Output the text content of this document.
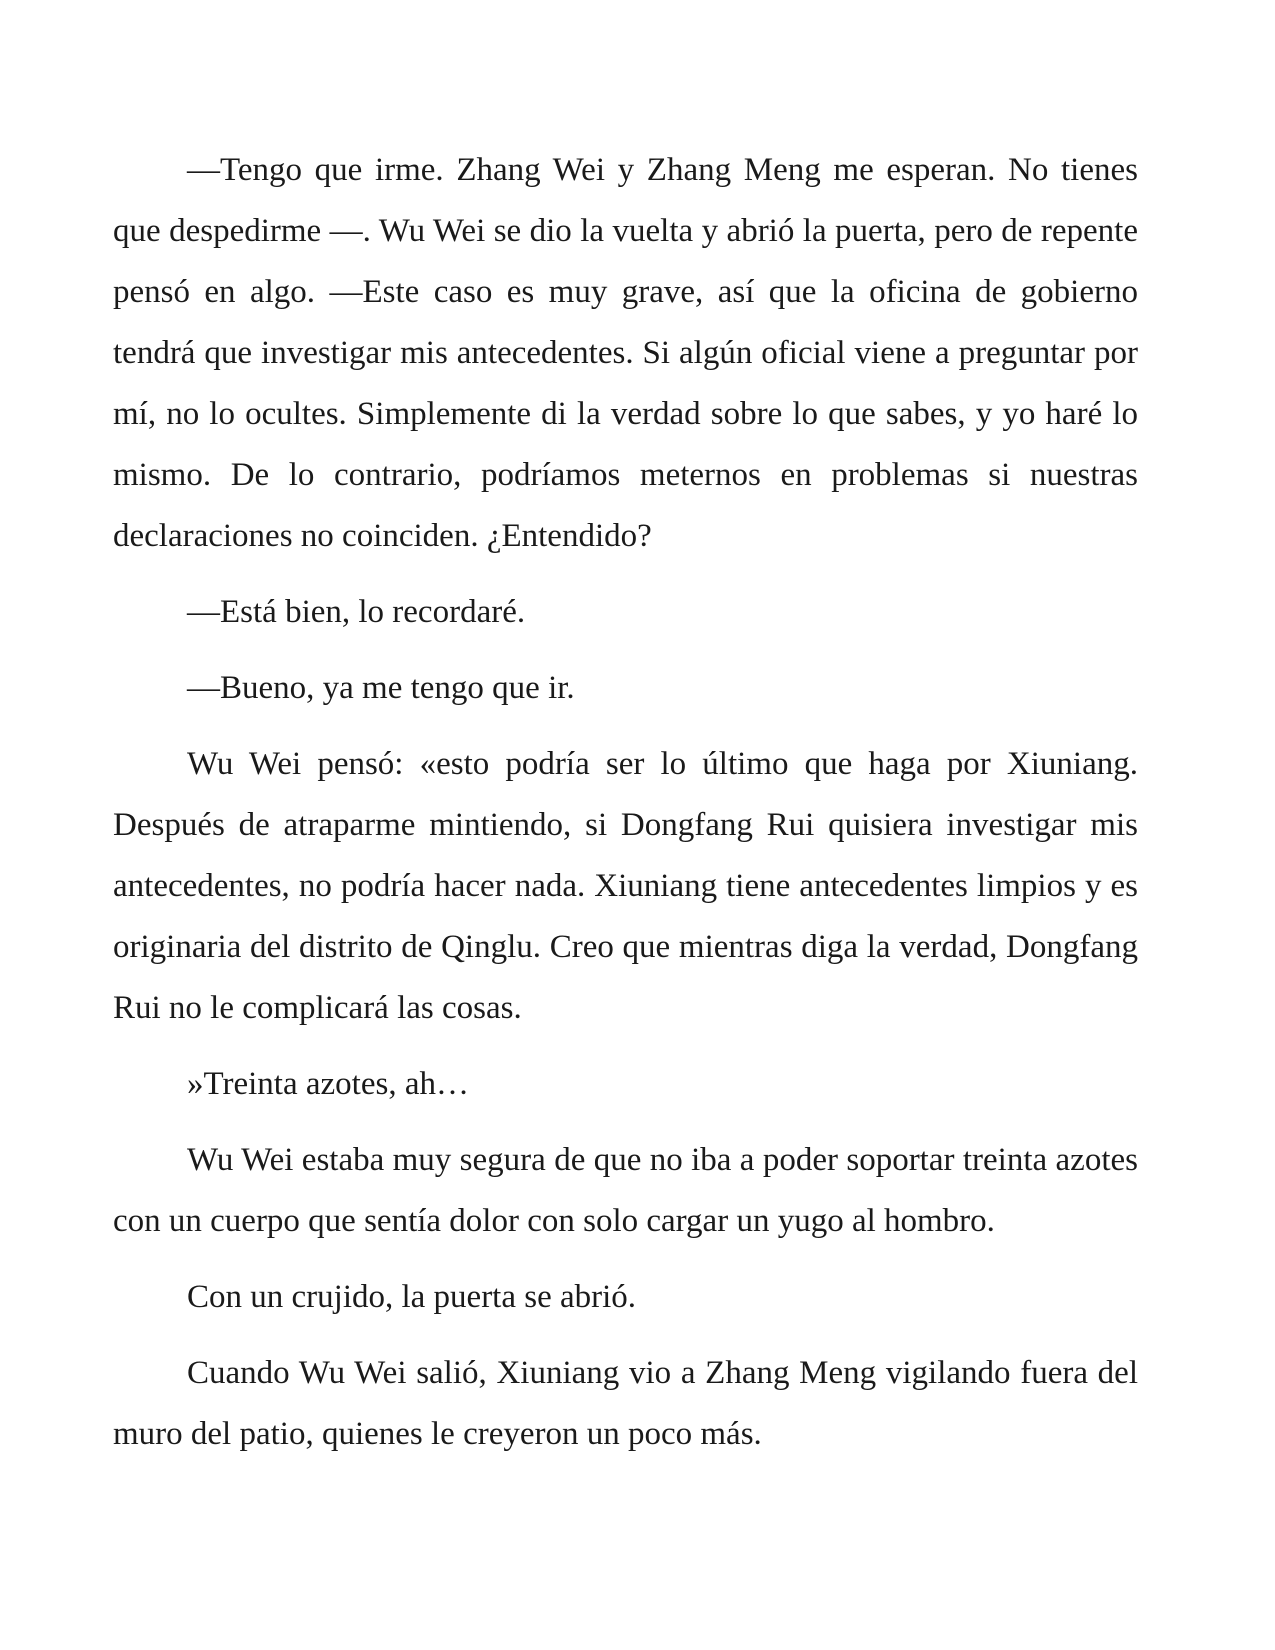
—Tengo que irme. Zhang Wei y Zhang Meng me esperan. No tienes que despedirme —. Wu Wei se dio la vuelta y abrió la puerta, pero de repente pensó en algo. —Este caso es muy grave, así que la oficina de gobierno tendrá que investigar mis antecedentes. Si algún oficial viene a preguntar por mí, no lo ocultes. Simplemente di la verdad sobre lo que sabes, y yo haré lo mismo. De lo contrario, podríamos meternos en problemas si nuestras declaraciones no coinciden. ¿Entendido?

—Está bien, lo recordaré.

—Bueno, ya me tengo que ir.

Wu Wei pensó: «esto podría ser lo último que haga por Xiuniang. Después de atraparme mintiendo, si Dongfang Rui quisiera investigar mis antecedentes, no podría hacer nada. Xiuniang tiene antecedentes limpios y es originaria del distrito de Qinglu. Creo que mientras diga la verdad, Dongfang Rui no le complicará las cosas.

»Treinta azotes, ah…

Wu Wei estaba muy segura de que no iba a poder soportar treinta azotes con un cuerpo que sentía dolor con solo cargar un yugo al hombro.

Con un crujido, la puerta se abrió.

Cuando Wu Wei salió, Xiuniang vio a Zhang Meng vigilando fuera del muro del patio, quienes le creyeron un poco más.
